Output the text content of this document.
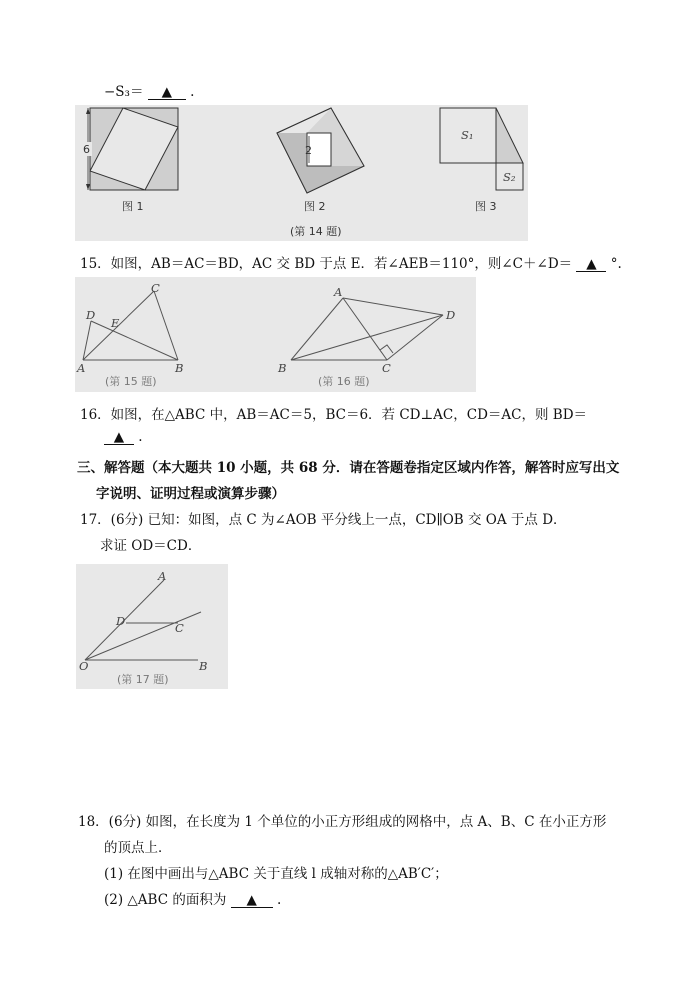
−S₃＝ ▲ .
6
图 1
2
图 2
S₁
S₂
图 3
(第 14 题)
15．如图，AB＝AC＝BD，AC 交 BD 于点 E．若∠AEB＝110°，则∠C＋∠D＝ ▲ °.
A	B
C
D
E
(第 15 题)
B	C
A
D
(第 16 题)
16．如图，在△ABC 中，AB＝AC＝5，BC＝6．若 CD⊥AC，CD＝AC，则 BD＝
▲ .
三、解答题（本大题共 10 小题，共 68 分．请在答题卷指定区域内作答，解答时应写出文
字说明、证明过程或演算步骤）
17．(6分) 已知：如图，点 C 为∠AOB 平分线上一点，CD∥OB 交 OA 于点 D．
求证 OD＝CD．
A
D	C
O	B
(第 17 题)
18．(6分) 如图，在长度为 1 个单位的小正方形组成的网格中，点 A、B、C 在小正方形
的顶点上．
(1) 在图中画出与△ABC 关于直线 l 成轴对称的△AB′C′；
(2) △ABC 的面积为 ▲ .
